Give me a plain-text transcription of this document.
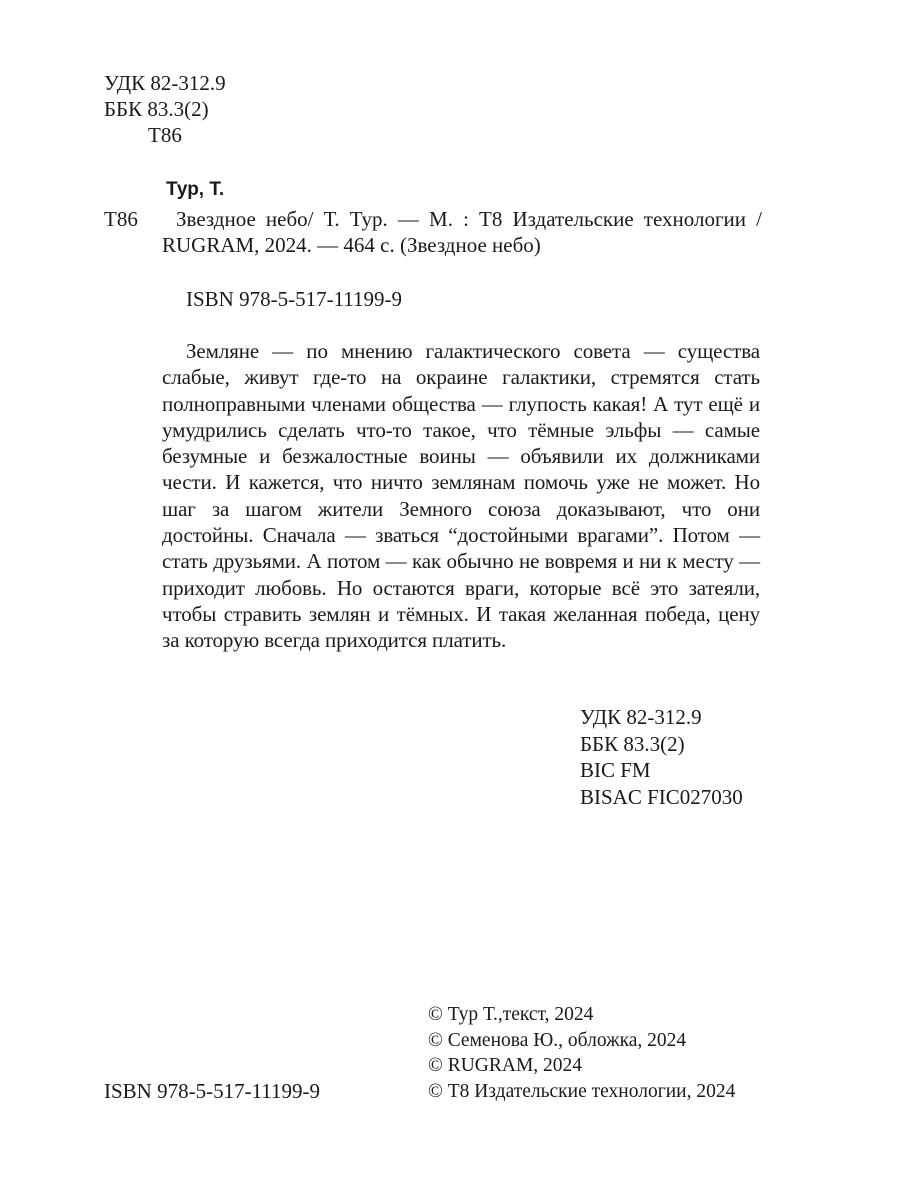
УДК 82-312.9
ББК 83.3(2)
Т86
Тур, Т.
Т86	Звездное небо/ Т. Тур. — М. : Т8 Издательские технологии /
RUGRAM, 2024. — 464 с. (Звездное небо)
ISBN 978-5-517-11199-9
Земляне — по мнению галактического совета — существа слабые, живут где-то на окраине галактики, стремятся стать полноправными членами общества — глупость какая! А тут ещё и умудрились сделать что-то такое, что тёмные эльфы — самые безумные и безжалостные воины — объявили их должниками чести. И кажется, что ничто землянам помочь уже не может. Но шаг за шагом жители Земного союза доказывают, что они достойны. Сначала — зваться “достойными врагами”. Потом — стать друзьями. А потом — как обычно не вовремя и ни к месту — приходит любовь. Но остаются враги, которые всё это затеяли, чтобы стравить землян и тёмных. И такая желанная победа, цену за которую всегда приходится платить.
УДК 82-312.9
ББК 83.3(2)
BIC FM
BISAC FIC027030
© Тур Т.,текст, 2024
© Семенова Ю., обложка, 2024
© RUGRAM, 2024
© Т8 Издательские технологии, 2024
ISBN 978-5-517-11199-9
